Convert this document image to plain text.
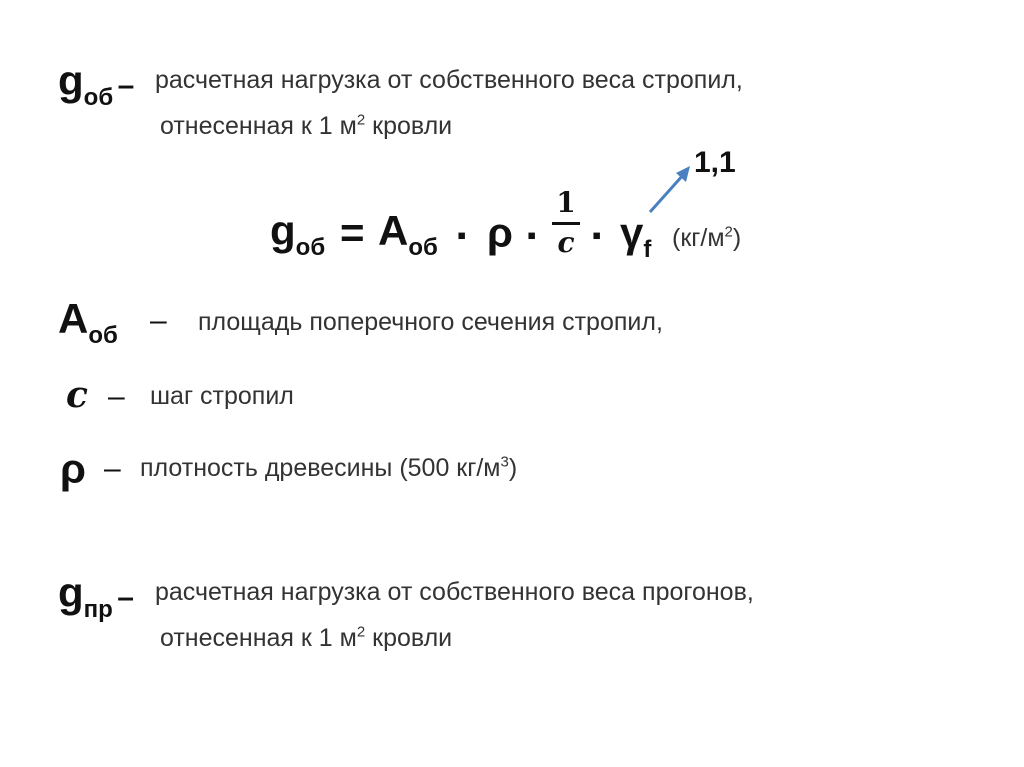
gоб – расчетная нагрузка от собственного веса стропил,
отнесенная к 1 $м^2$ кровли
1,1
gоб = Аоб ▪ ρ ▪
1
c ▪ γf $(кг/м^2)$
Аоб – площадь поперечного сечения стропил,
c – шаг стропил
ρ – плотность древесины (500 $кг/м^3$)
gпр – расчетная нагрузка от собственного веса прогонов,
отнесенная к 1 $м^2$ кровли
